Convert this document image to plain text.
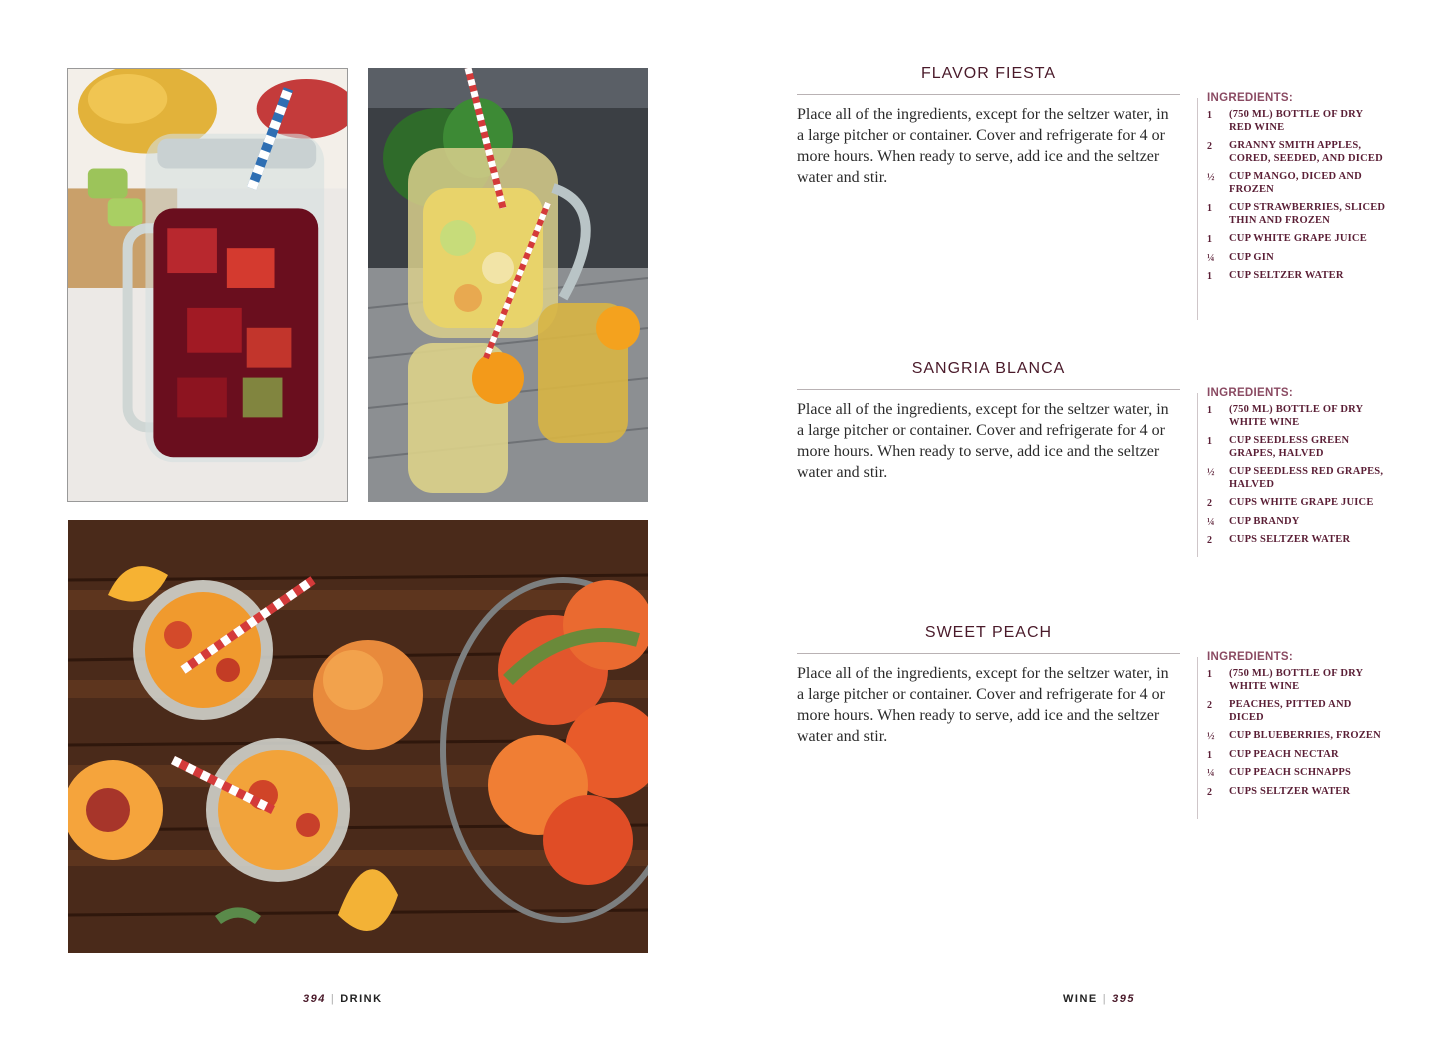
394 | DRINK
FLAVOR FIESTA
Place all of the ingredients, except for the seltzer water, in a large pitcher or container. Cover and refrigerate for 4 or more hours. When ready to serve, add ice and the seltzer water and stir.
INGREDIENTS:
1	(750 ML) BOTTLE OF DRY RED WINE
2	GRANNY SMITH APPLES, CORED, SEEDED, AND DICED
½	CUP MANGO, DICED AND FROZEN
1	CUP STRAWBERRIES, SLICED THIN AND FROZEN
1	CUP WHITE GRAPE JUICE
¼	CUP GIN
1	CUP SELTZER WATER
SANGRIA BLANCA
Place all of the ingredients, except for the seltzer water, in a large pitcher or container. Cover and refrigerate for 4 or more hours. When ready to serve, add ice and the seltzer water and stir.
INGREDIENTS:
1	(750 ML) BOTTLE OF DRY WHITE WINE
1	CUP SEEDLESS GREEN GRAPES, HALVED
½	CUP SEEDLESS RED GRAPES, HALVED
2	CUPS WHITE GRAPE JUICE
¼	CUP BRANDY
2	CUPS SELTZER WATER
SWEET PEACH
Place all of the ingredients, except for the seltzer water, in a large pitcher or container. Cover and refrigerate for 4 or more hours. When ready to serve, add ice and the seltzer water and stir.
INGREDIENTS:
1	(750 ML) BOTTLE OF DRY WHITE WINE
2	PEACHES, PITTED AND DICED
½	CUP BLUEBERRIES, FROZEN
1	CUP PEACH NECTAR
¼	CUP PEACH SCHNAPPS
2	CUPS SELTZER WATER
WINE | 395
